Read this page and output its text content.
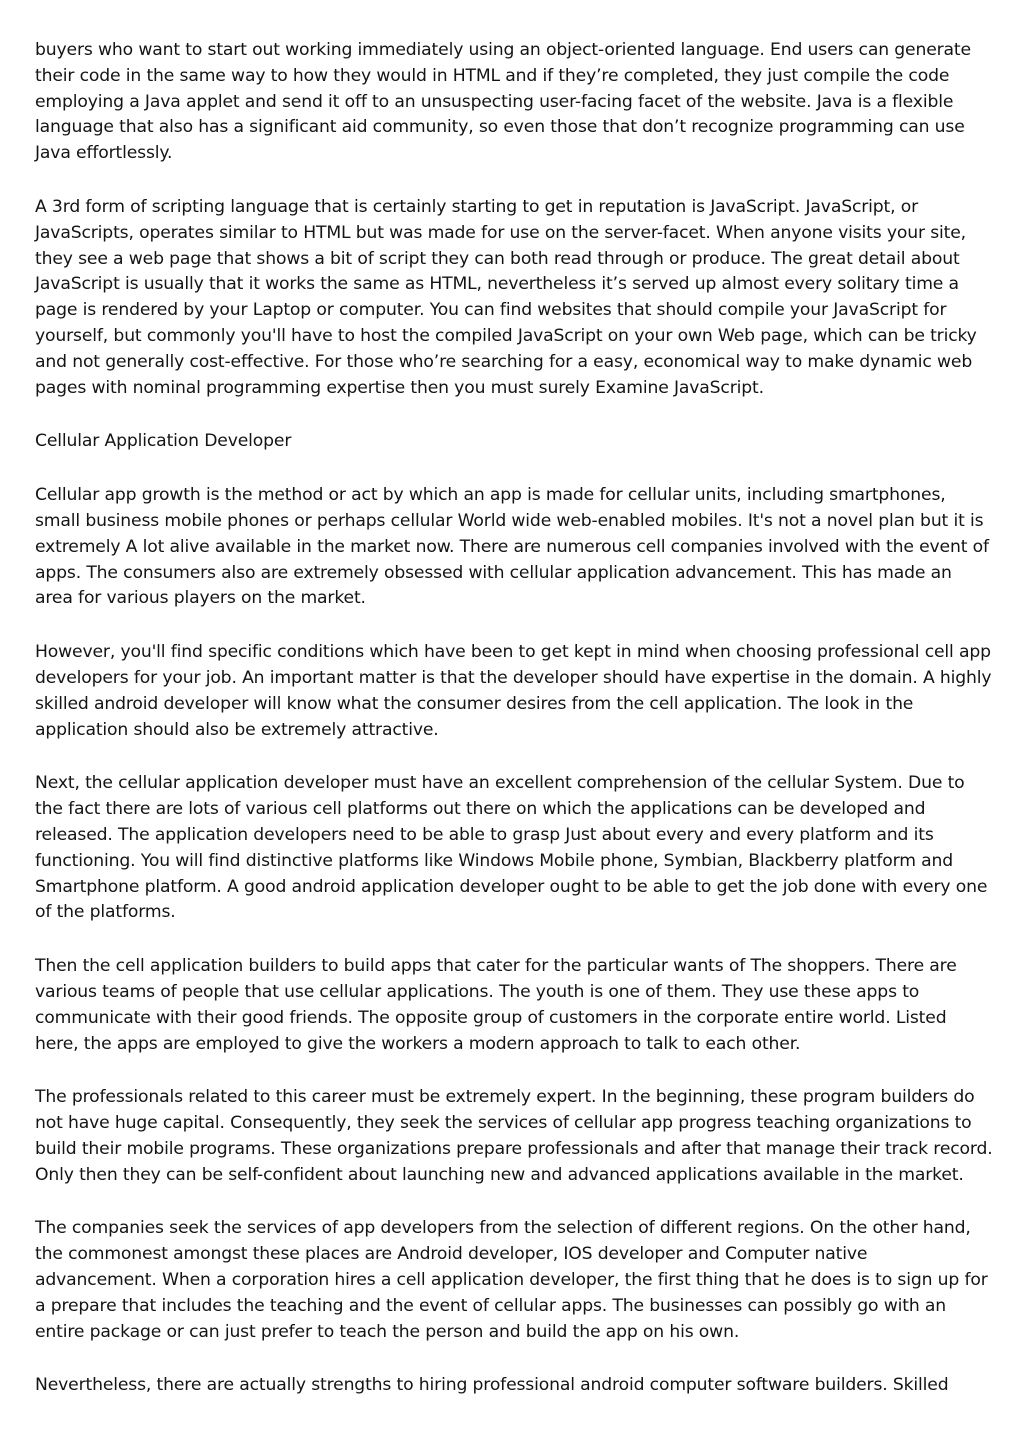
buyers who want to start out working immediately using an object-oriented language. End users can generate their code in the same way to how they would in HTML and if they’re completed, they just compile the code employing a Java applet and send it off to an unsuspecting user-facing facet of the website. Java is a flexible language that also has a significant aid community, so even those that don’t recognize programming can use Java effortlessly.

A 3rd form of scripting language that is certainly starting to get in reputation is JavaScript. JavaScript, or JavaScripts, operates similar to HTML but was made for use on the server-facet. When anyone visits your site, they see a web page that shows a bit of script they can both read through or produce. The great detail about JavaScript is usually that it works the same as HTML, nevertheless it’s served up almost every solitary time a page is rendered by your Laptop or computer. You can find websites that should compile your JavaScript for yourself, but commonly you'll have to host the compiled JavaScript on your own Web page, which can be tricky and not generally cost-effective. For those who’re searching for a easy, economical way to make dynamic web pages with nominal programming expertise then you must surely Examine JavaScript.

Cellular Application Developer

Cellular app growth is the method or act by which an app is made for cellular units, including smartphones, small business mobile phones or perhaps cellular World wide web-enabled mobiles. It's not a novel plan but it is extremely A lot alive available in the market now. There are numerous cell companies involved with the event of apps. The consumers also are extremely obsessed with cellular application advancement. This has made an area for various players on the market.

However, you'll find specific conditions which have been to get kept in mind when choosing professional cell app developers for your job. An important matter is that the developer should have expertise in the domain. A highly skilled android developer will know what the consumer desires from the cell application. The look in the application should also be extremely attractive.

Next, the cellular application developer must have an excellent comprehension of the cellular System. Due to the fact there are lots of various cell platforms out there on which the applications can be developed and released. The application developers need to be able to grasp Just about every and every platform and its functioning. You will find distinctive platforms like Windows Mobile phone, Symbian, Blackberry platform and Smartphone platform. A good android application developer ought to be able to get the job done with every one of the platforms.

Then the cell application builders to build apps that cater for the particular wants of The shoppers. There are various teams of people that use cellular applications. The youth is one of them. They use these apps to communicate with their good friends. The opposite group of customers in the corporate entire world. Listed here, the apps are employed to give the workers a modern approach to talk to each other.

The professionals related to this career must be extremely expert. In the beginning, these program builders do not have huge capital. Consequently, they seek the services of cellular app progress teaching organizations to build their mobile programs. These organizations prepare professionals and after that manage their track record. Only then they can be self-confident about launching new and advanced applications available in the market.

The companies seek the services of app developers from the selection of different regions. On the other hand, the commonest amongst these places are Android developer, IOS developer and Computer native advancement. When a corporation hires a cell application developer, the first thing that he does is to sign up for a prepare that includes the teaching and the event of cellular apps. The businesses can possibly go with an entire package or can just prefer to teach the person and build the app on his own.

Nevertheless, there are actually strengths to hiring professional android computer software builders. Skilled
